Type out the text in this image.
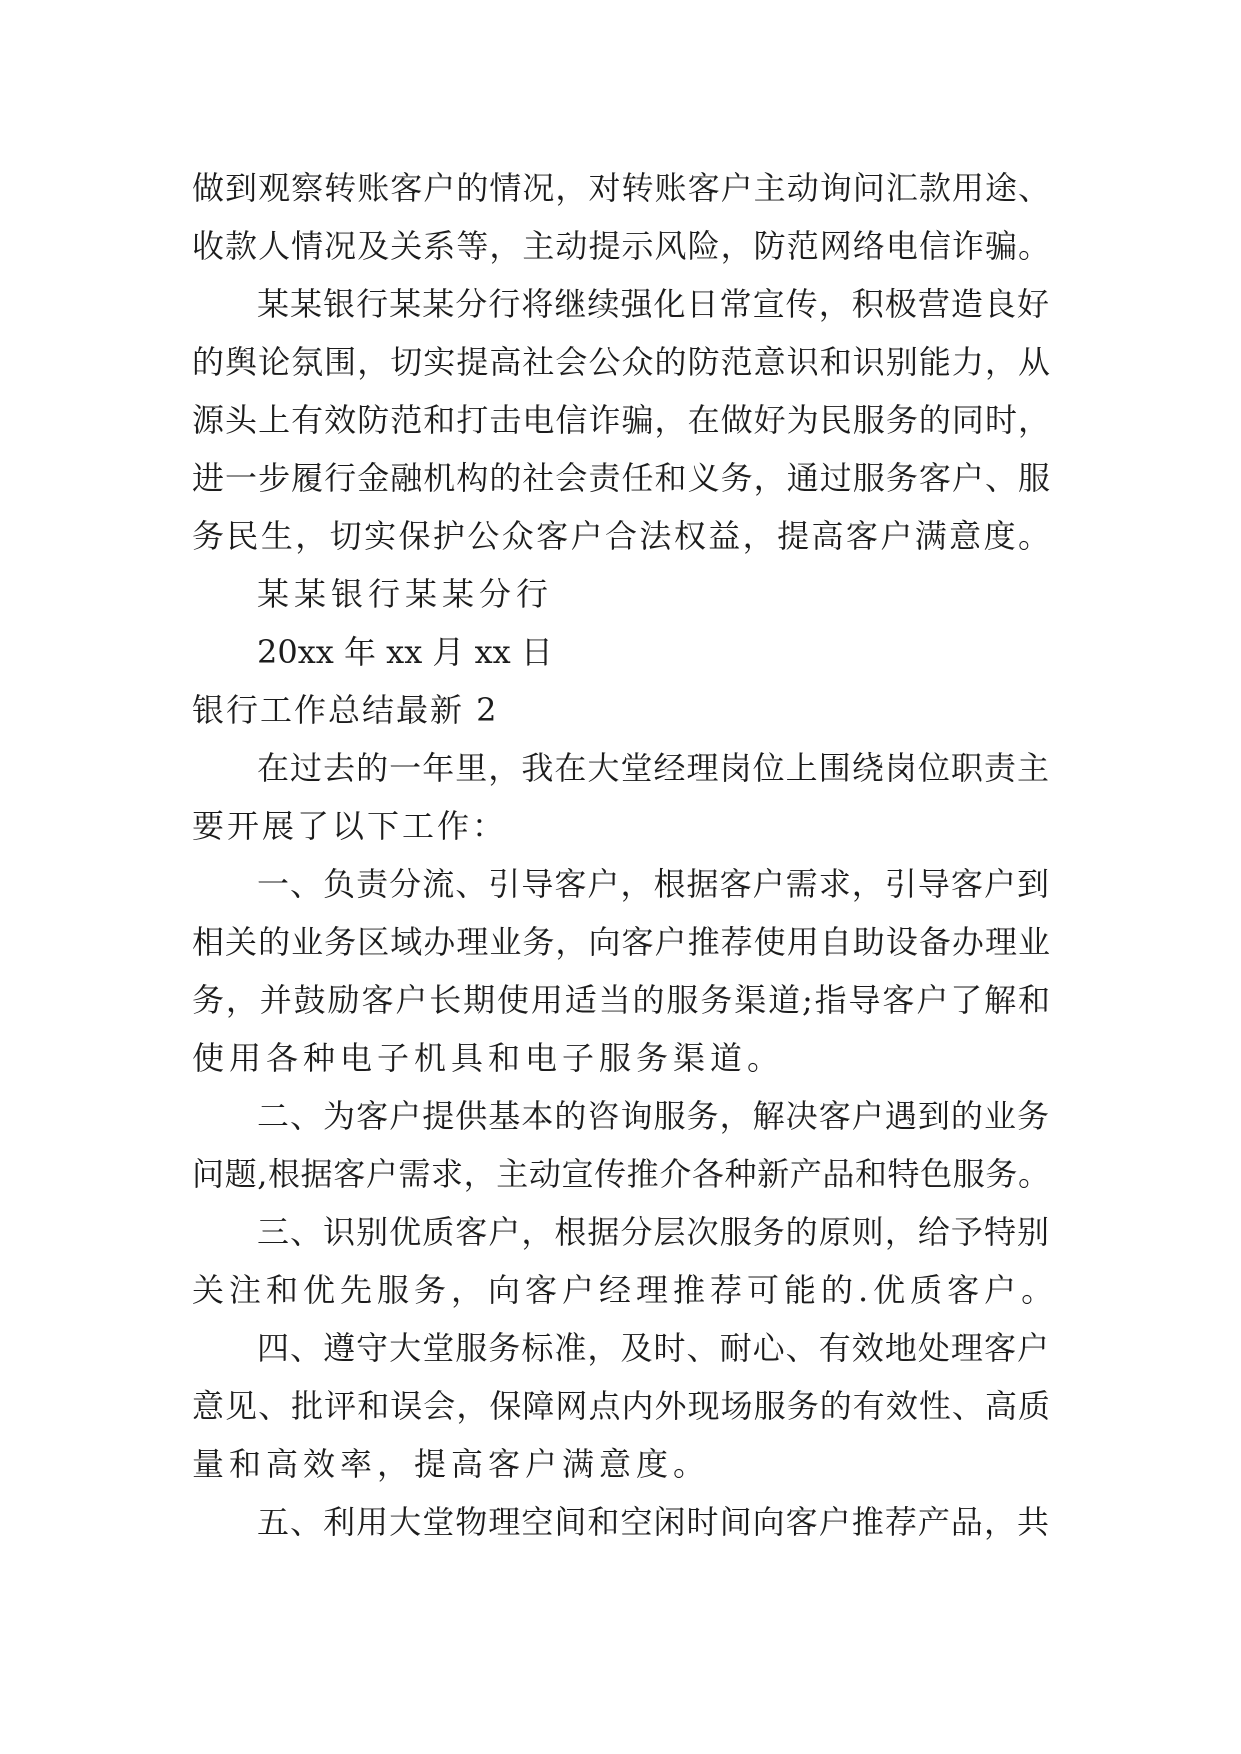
做到观察转账客户的情况，对转账客户主动询问汇款用途、
收款人情况及关系等，主动提示风险，防范网络电信诈骗。
某某银行某某分行将继续强化日常宣传，积极营造良好
的舆论氛围，切实提高社会公众的防范意识和识别能力，从
源头上有效防范和打击电信诈骗，在做好为民服务的同时，
进一步履行金融机构的社会责任和义务，通过服务客户、服
务民生，切实保护公众客户合法权益，提高客户满意度。
某某银行某某分行
20xx 年 xx 月 xx 日
银行工作总结最新 2
在过去的一年里，我在大堂经理岗位上围绕岗位职责主
要开展了以下工作：
一、负责分流、引导客户，根据客户需求，引导客户到
相关的业务区域办理业务，向客户推荐使用自助设备办理业
务，并鼓励客户长期使用适当的服务渠道;指导客户了解和
使用各种电子机具和电子服务渠道。
二、为客户提供基本的咨询服务，解决客户遇到的业务
问题,根据客户需求，主动宣传推介各种新产品和特色服务。
三、识别优质客户，根据分层次服务的原则，给予特别
关注和优先服务，向客户经理推荐可能的.优质客户。
四、遵守大堂服务标准，及时、耐心、有效地处理客户
意见、批评和误会，保障网点内外现场服务的有效性、高质
量和高效率，提高客户满意度。
五、利用大堂物理空间和空闲时间向客户推荐产品，共
